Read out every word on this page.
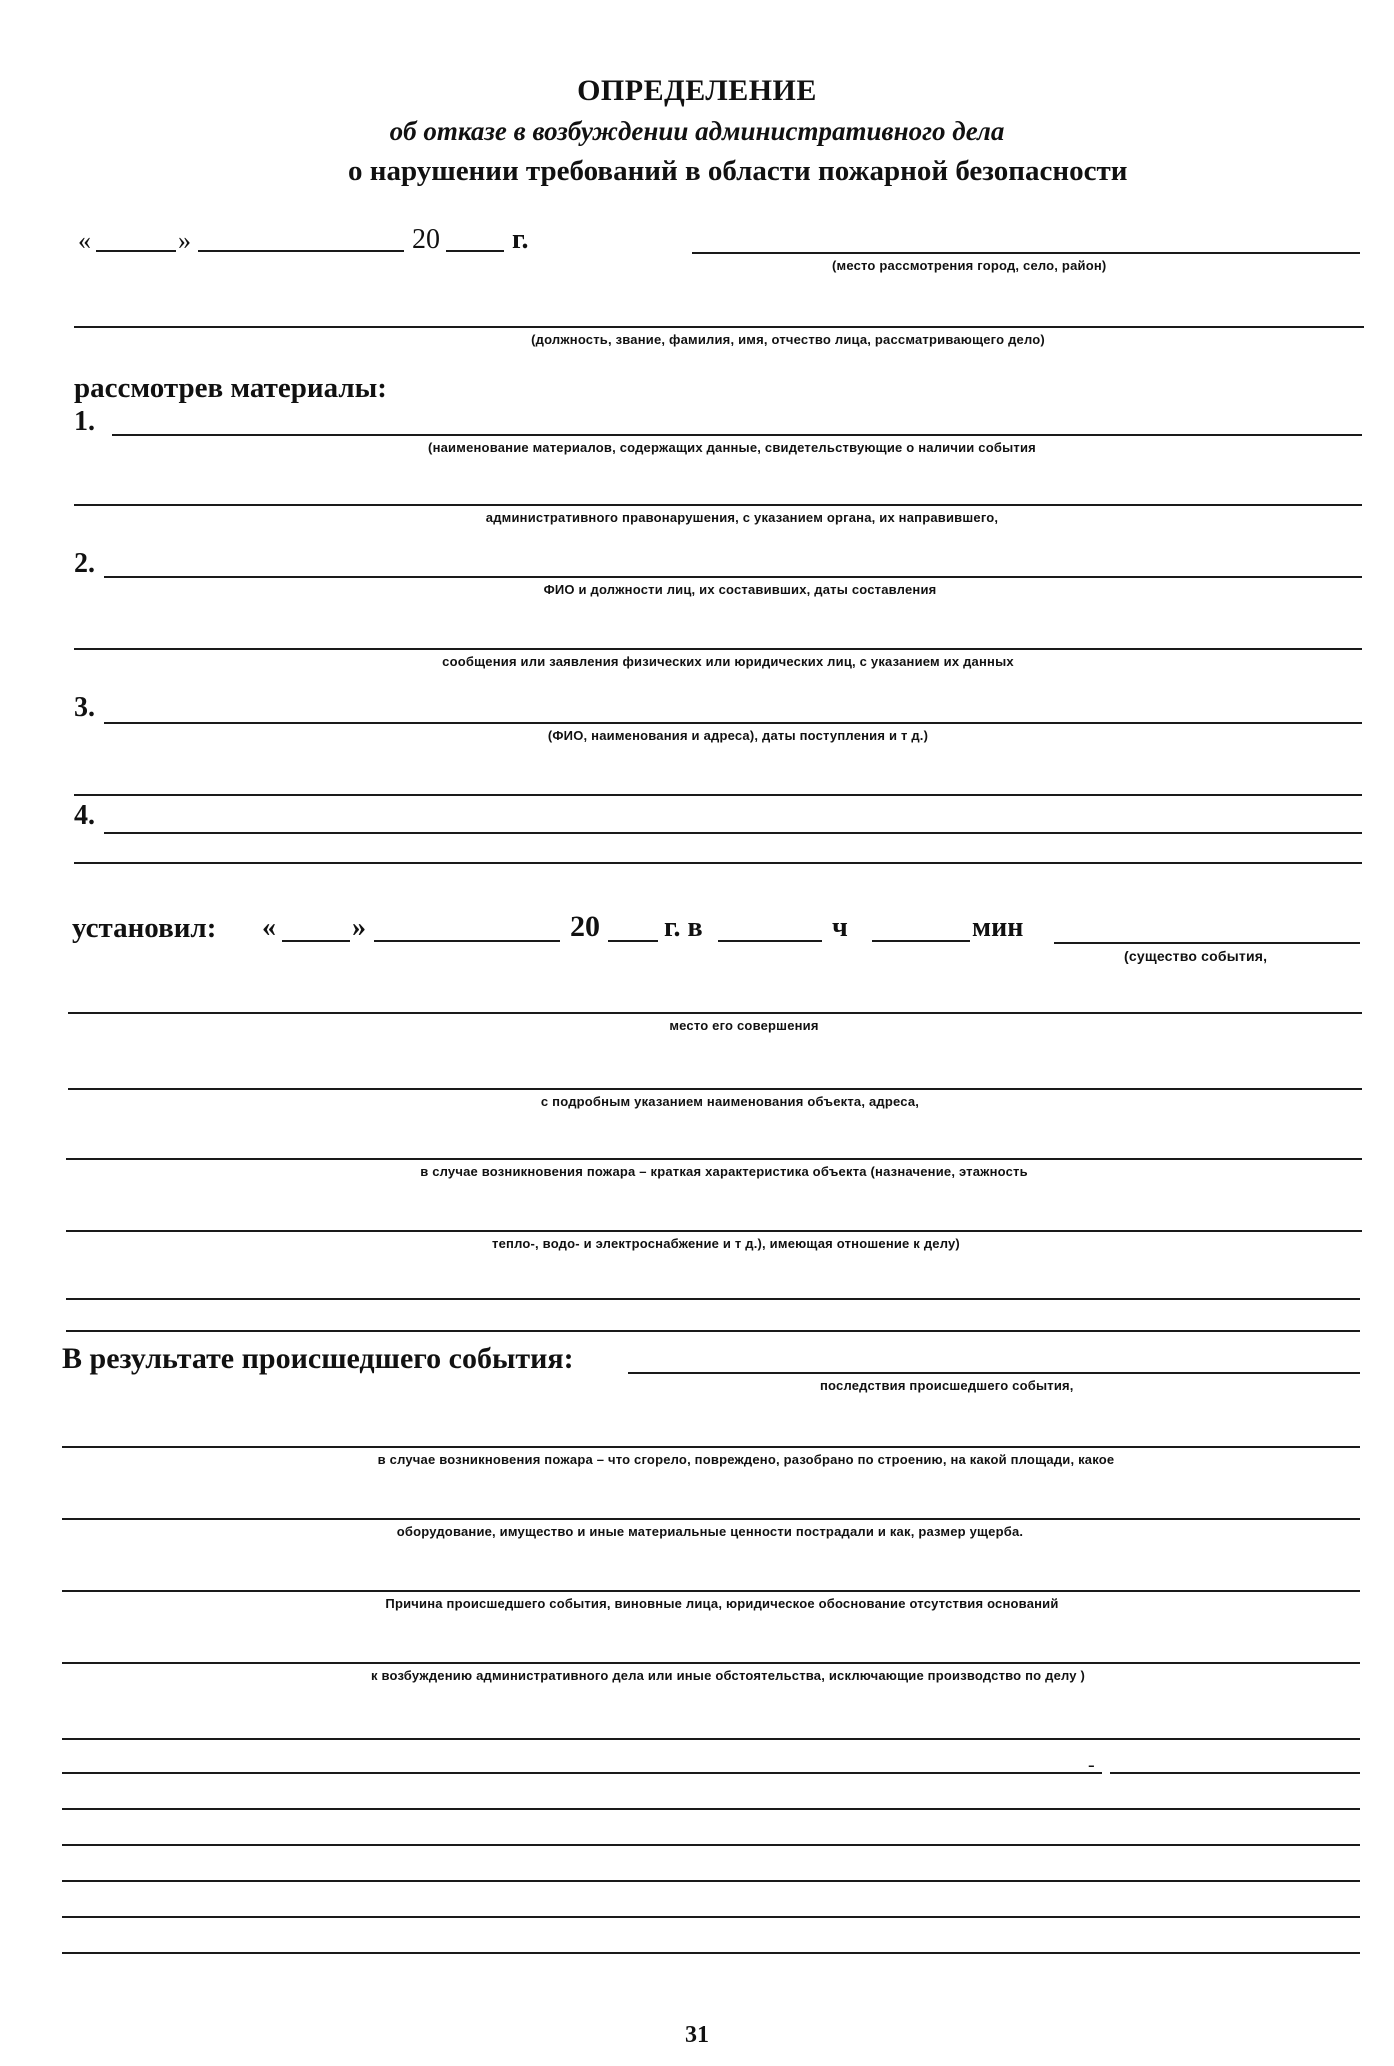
ОПРЕДЕЛЕНИЕ
об отказе в возбуждении административного дела
о нарушении требований в области пожарной безопасности
«	»	20	г.
(место рассмотрения город, село, район)
(должность, звание, фамилия, имя, отчество лица, рассматривающего дело)
рассмотрев материалы:
1.
(наименование материалов, содержащих данные, свидетельствующие о наличии события
административного правонарушения, с указанием органа, их направившего,
2.
ФИО и должности лиц, их составивших, даты составления
сообщения или заявления физических или юридических лиц, с указанием их данных
3.
(ФИО, наименования и адреса), даты поступления и т д.)
4.
установил: «	»	20 г. в	ч	мин
(существо события,
место его совершения
с подробным указанием наименования объекта, адреса,
в случае возникновения пожара – краткая характеристика объекта (назначение, этажность
тепло-, водо- и электроснабжение и т д.), имеющая отношение к делу)
В результате происшедшего события:
последствия происшедшего события,
в случае возникновения пожара – что сгорело, повреждено, разобрано по строению, на какой площади, какое
оборудование, имущество и иные материальные ценности пострадали и как, размер ущерба.
Причина происшедшего события, виновные лица, юридическое обоснование отсутствия оснований
к возбуждению административного дела или иные обстоятельства, исключающие производство по делу )
-
31
